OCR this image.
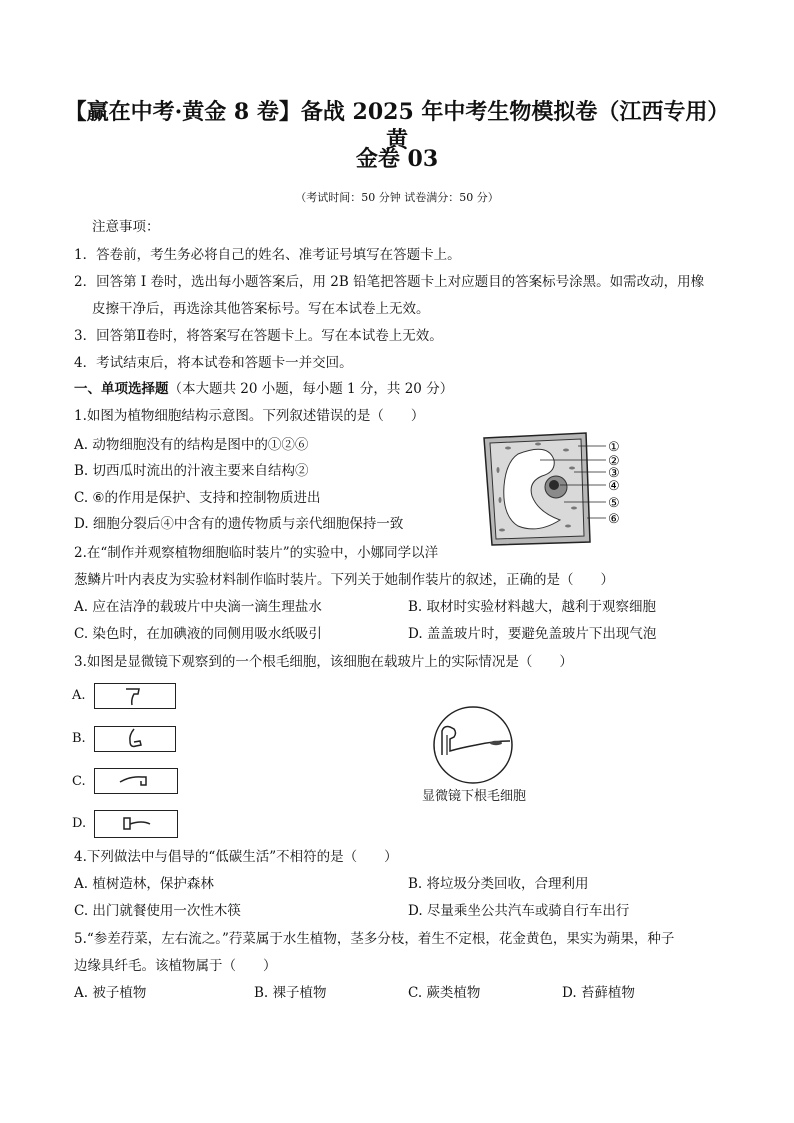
【赢在中考·黄金 8 卷】备战 2025 年中考生物模拟卷（江西专用）黄
金卷 03
（考试时间：50 分钟 试卷满分：50 分）
注意事项：
1．答卷前，考生务必将自己的姓名、准考证号填写在答题卡上。
2．回答第 I 卷时，选出每小题答案后，用 2B 铅笔把答题卡上对应题目的答案标号涂黑。如需改动，用橡
皮擦干净后，再选涂其他答案标号。写在本试卷上无效。
3．回答第Ⅱ卷时，将答案写在答题卡上。写在本试卷上无效。
4．考试结束后，将本试卷和答题卡一并交回。
一、单项选择题（本大题共 20 小题，每小题 1 分，共 20 分）
1.如图为植物细胞结构示意图。下列叙述错误的是（　　）
A. 动物细胞没有的结构是图中的①②⑥
B. 切西瓜时流出的汁液主要来自结构②
C. ⑥的作用是保护、支持和控制物质进出
D. 细胞分裂后④中含有的遗传物质与亲代细胞保持一致
①
②
③
④
⑤
⑥
2.在“制作并观察植物细胞临时装片”的实验中，小娜同学以洋
葱鳞片叶内表皮为实验材料制作临时装片。下列关于她制作装片的叙述，正确的是（　　）
A. 应在洁净的载玻片中央滴一滴生理盐水	B. 取材时实验材料越大，越利于观察细胞
C. 染色时，在加碘液的同侧用吸水纸吸引	D. 盖盖玻片时，要避免盖玻片下出现气泡
3.如图是显微镜下观察到的一个根毛细胞，该细胞在载玻片上的实际情况是（　　）
A.
B.
C.
D.
显微镜下根毛细胞
4.下列做法中与倡导的“低碳生活”不相符的是（　　）
A. 植树造林，保护森林	B. 将垃圾分类回收，合理利用
C. 出门就餐使用一次性木筷	D. 尽量乘坐公共汽车或骑自行车出行
5.“参差荇菜，左右流之。”荇菜属于水生植物，茎多分枝，着生不定根，花金黄色，果实为蒴果，种子
边缘具纤毛。该植物属于（　　）
A. 被子植物	B. 裸子植物	C. 蕨类植物	D. 苔藓植物
